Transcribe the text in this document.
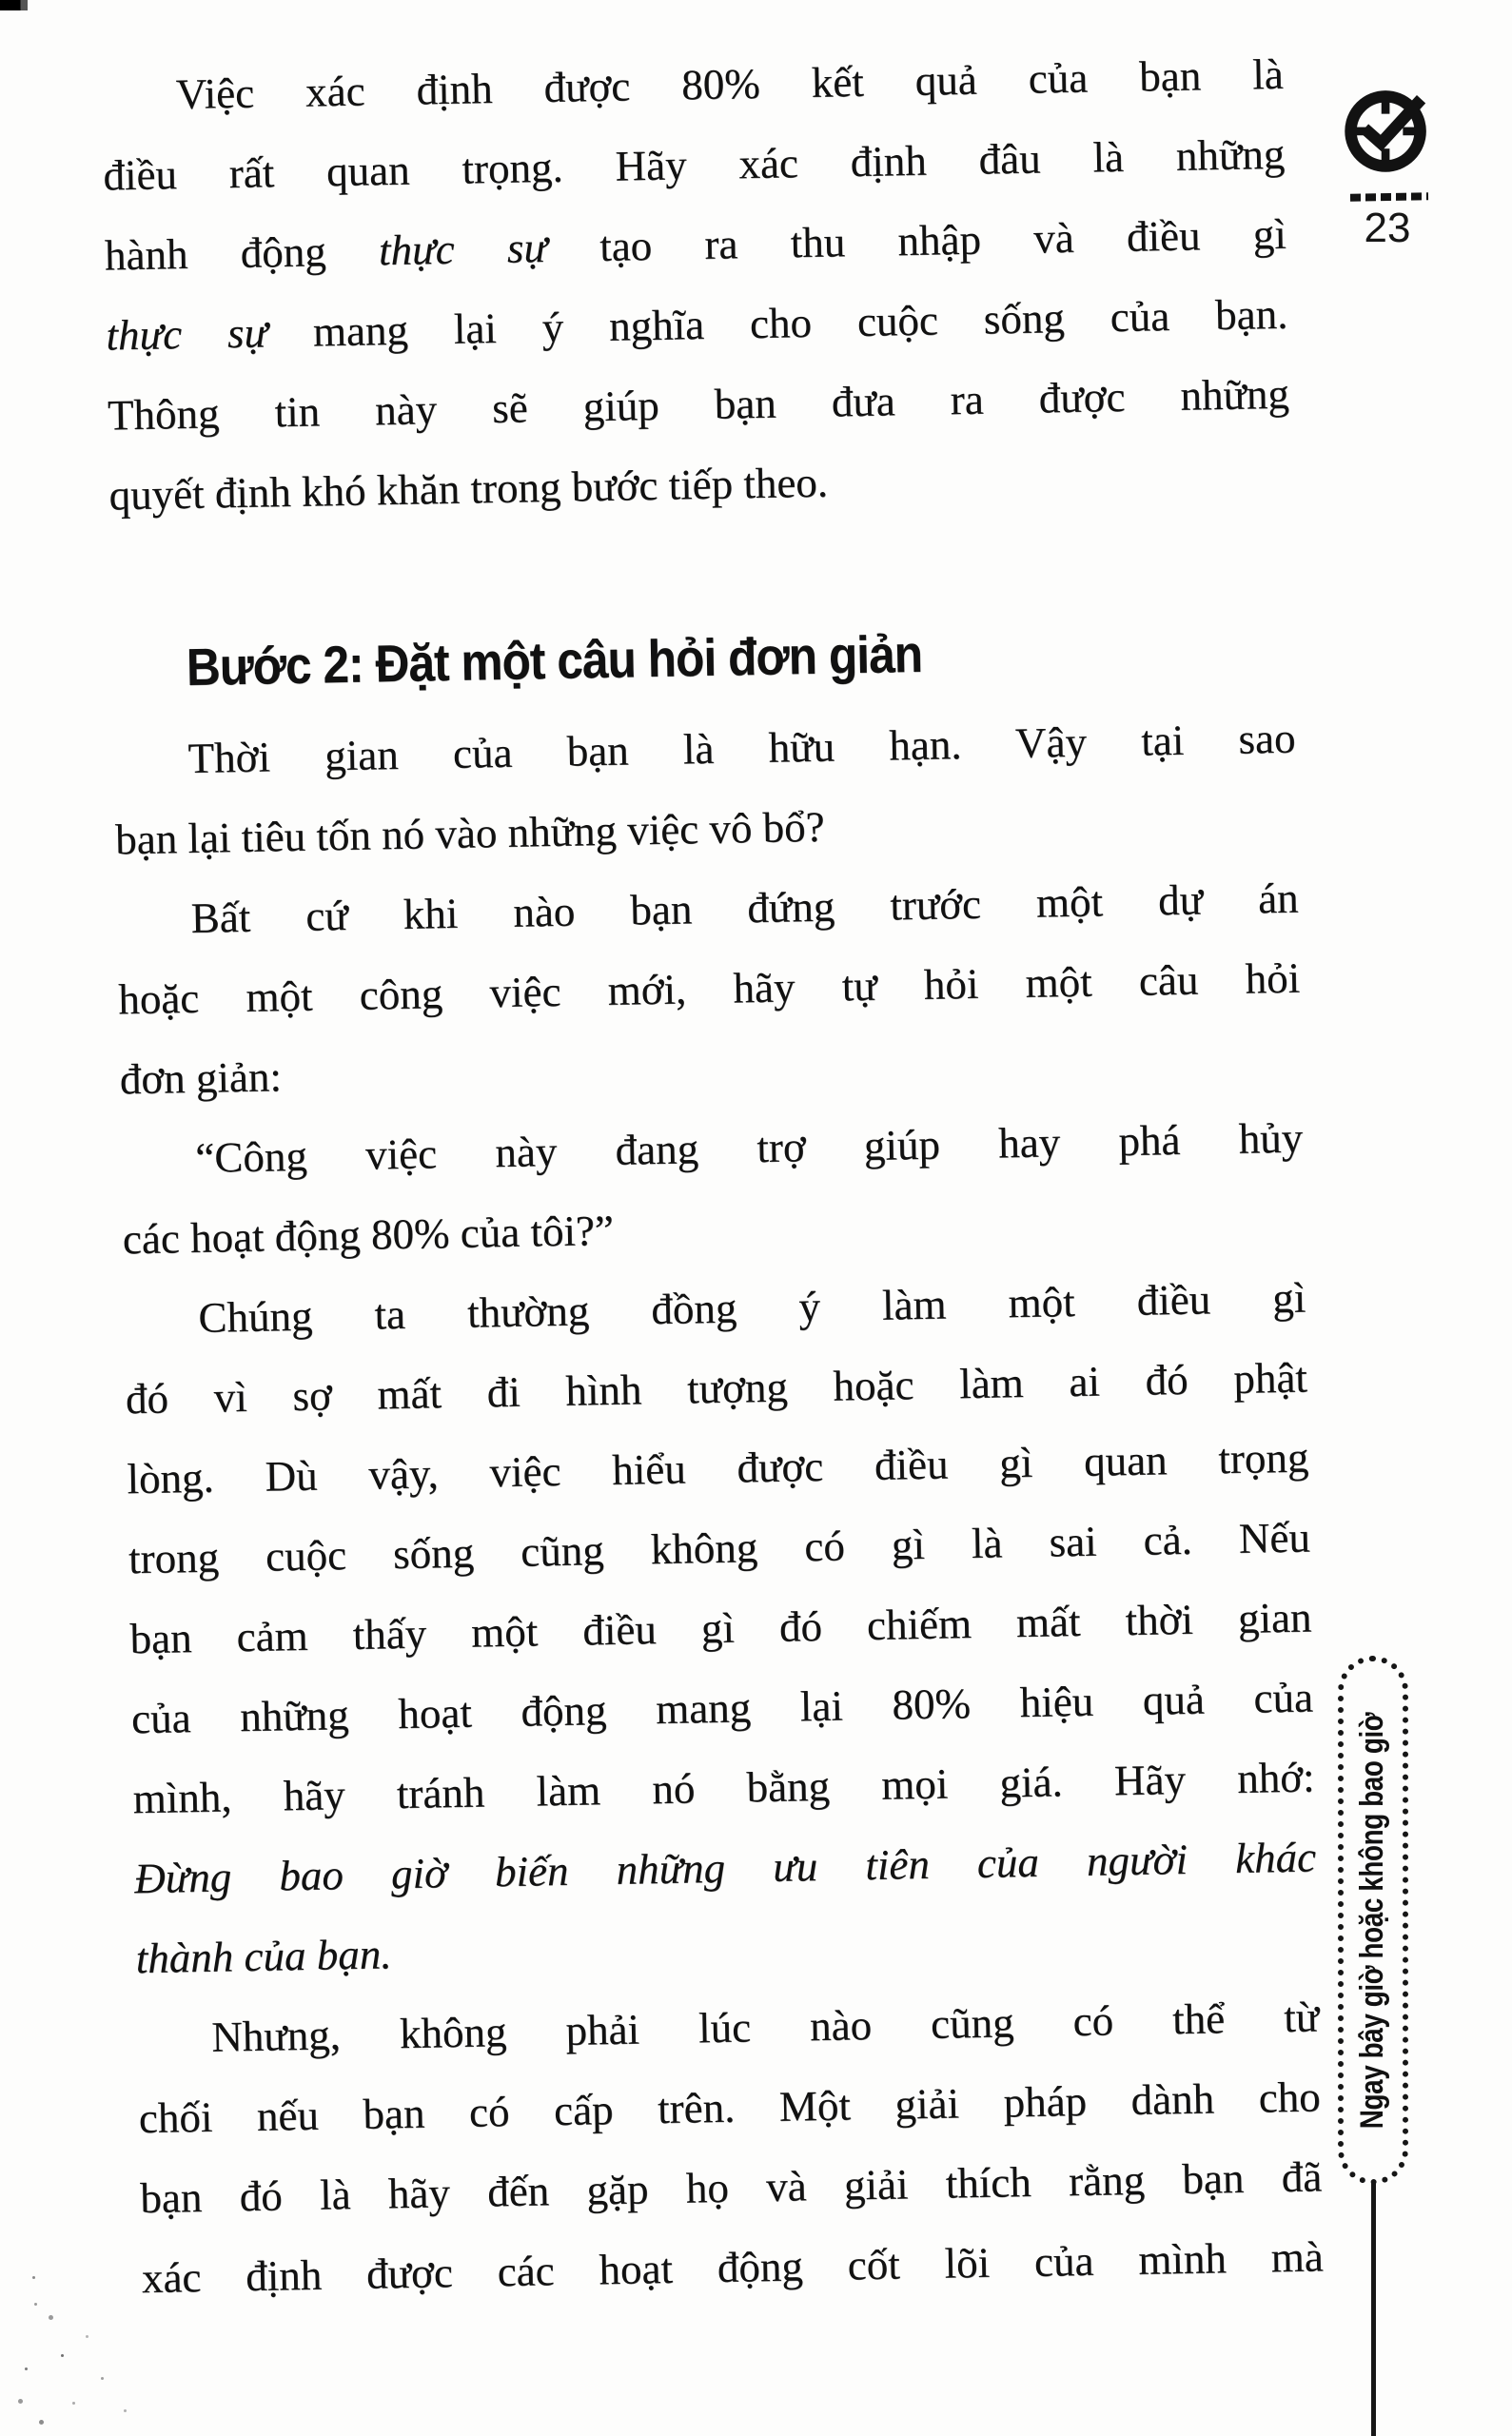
Việc xác định được 80% kết quả của bạn là
điều rất quan trọng. Hãy xác định đâu là những
hành động thực sự tạo ra thu nhập và điều gì
thực sự mang lại ý nghĩa cho cuộc sống của bạn.
Thông tin này sẽ giúp bạn đưa ra được những
quyết định khó khăn trong bước tiếp theo.
Bước 2: Đặt một câu hỏi đơn giản
Thời gian của bạn là hữu hạn. Vậy tại sao
bạn lại tiêu tốn nó vào những việc vô bổ?
Bất cứ khi nào bạn đứng trước một dự án
hoặc một công việc mới, hãy tự hỏi một câu hỏi
đơn giản:
“Công việc này đang trợ giúp hay phá hủy
các hoạt động 80% của tôi?”
Chúng ta thường đồng ý làm một điều gì
đó vì sợ mất đi hình tượng hoặc làm ai đó phật
lòng. Dù vậy, việc hiểu được điều gì quan trọng
trong cuộc sống cũng không có gì là sai cả. Nếu
bạn cảm thấy một điều gì đó chiếm mất thời gian
của những hoạt động mang lại 80% hiệu quả của
mình, hãy tránh làm nó bằng mọi giá. Hãy nhớ:
Đừng bao giờ biến những ưu tiên của người khác
thành của bạn.
Nhưng, không phải lúc nào cũng có thể từ
chối nếu bạn có cấp trên. Một giải pháp dành cho
bạn đó là hãy đến gặp họ và giải thích rằng bạn đã
xác định được các hoạt động cốt lõi của mình mà
23
Ngay bây giờ hoặc không bao giờ
